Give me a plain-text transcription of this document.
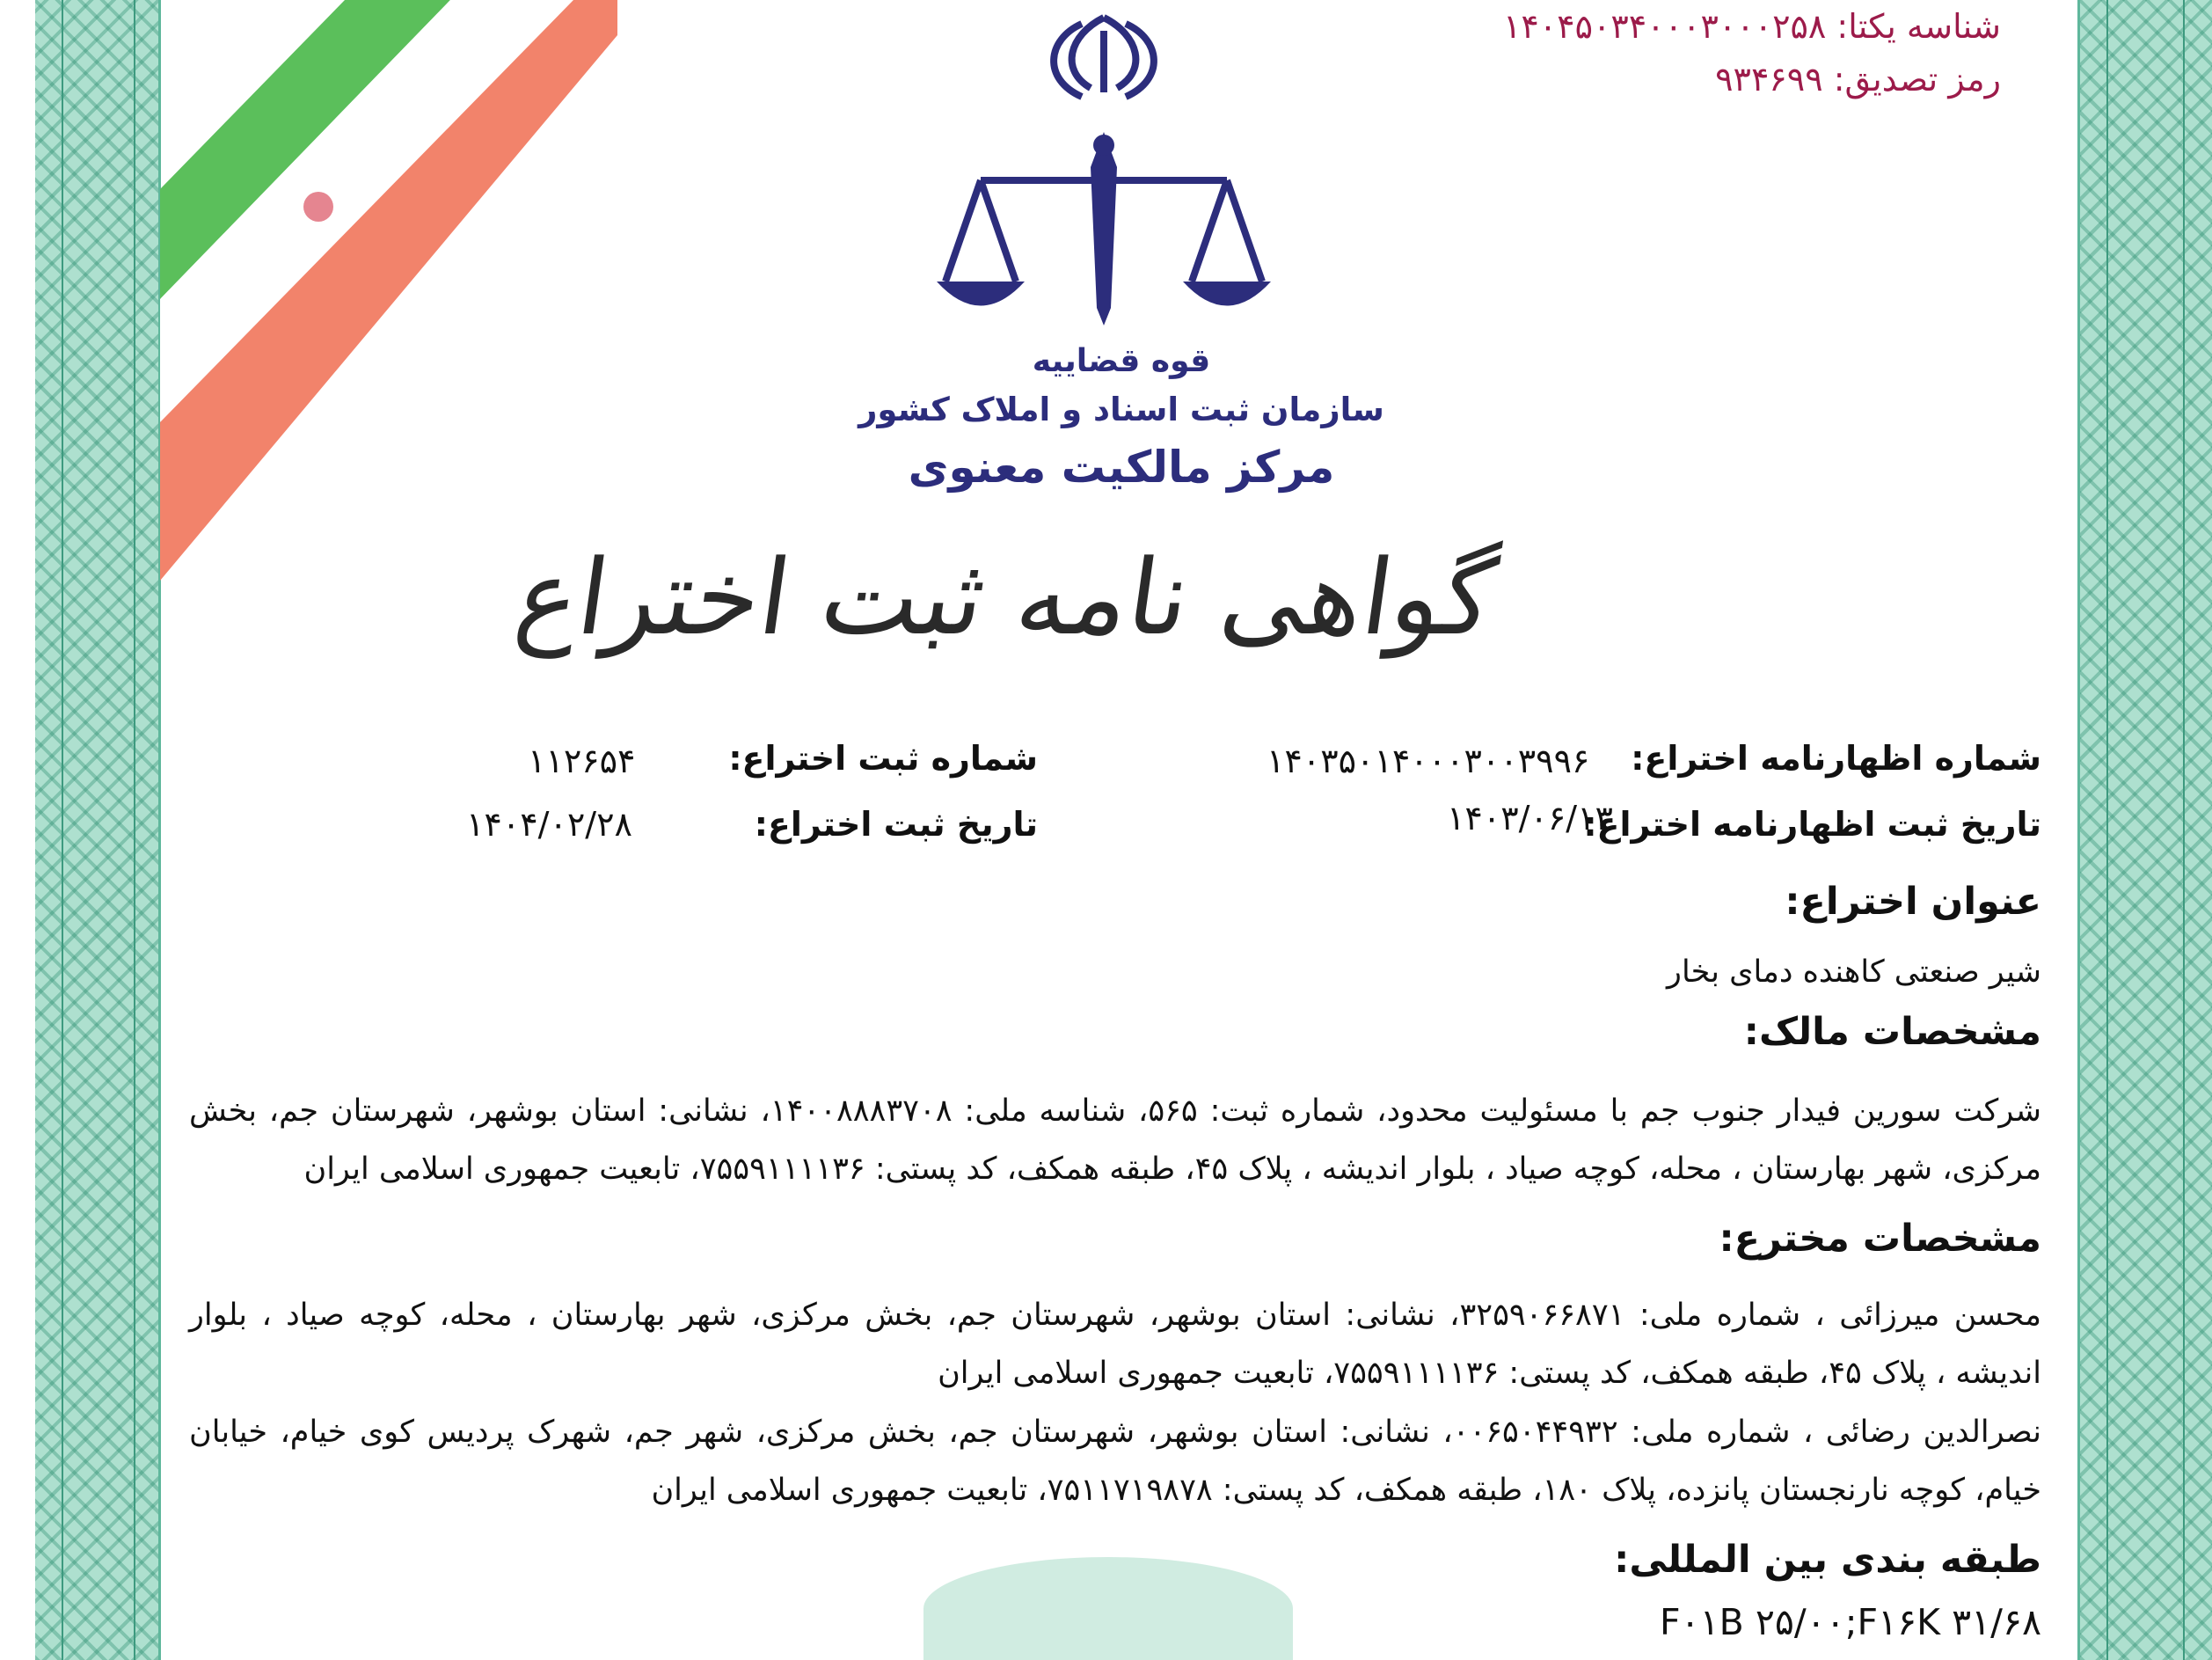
شناسه یکتا: ۱۴۰۴۵۰۳۴۰۰۰۳۰۰۰۲۵۸
رمز تصدیق: ۹۳۴۶۹۹
قوه قضاییه
سازمان ثبت اسناد و املاک کشور
مرکز مالکیت معنوی
گواهی نامه ثبت اختراع
شماره اظهارنامه اختراع:
۱۴۰۳۵۰۱۴۰۰۰۳۰۰۳۹۹۶
شماره ثبت اختراع:
۱۱۲۶۵۴
تاریخ ثبت اظهارنامه اختراع:
۱۴۰۳/۰۶/۱۳
تاریخ ثبت اختراع:
۱۴۰۴/۰۲/۲۸
عنوان اختراع:
شیر صنعتی کاهنده دمای بخار
مشخصات مالک:
شرکت سورین فیدار جنوب جم با مسئولیت محدود، شماره ثبت: ۵۶۵، شناسه ملی: ۱۴۰۰۸۸۸۳۷۰۸، نشانی: استان بوشهر، شهرستان جم، بخش مرکزی، شهر بهارستان ، محله، کوچه صیاد ، بلوار اندیشه ، پلاک ۴۵، طبقه همکف، کد پستی: ۷۵۵۹۱۱۱۱۳۶، تابعیت جمهوری اسلامی ایران
مشخصات مخترع:
محسن میرزائی ، شماره ملی: ۳۲۵۹۰۶۶۸۷۱، نشانی: استان بوشهر، شهرستان جم، بخش مرکزی، شهر بهارستان ، محله، کوچه صیاد ، بلوار اندیشه ، پلاک ۴۵، طبقه همکف، کد پستی: ۷۵۵۹۱۱۱۱۳۶، تابعیت جمهوری اسلامی ایران
نصرالدین رضائی ، شماره ملی: ۰۰۶۵۰۴۴۹۳۲، نشانی: استان بوشهر، شهرستان جم، بخش مرکزی، شهر جم، شهرک پردیس کوی خیام، خیابان خیام، کوچه نارنجستان پانزده، پلاک ۱۸۰، طبقه همکف، کد پستی: ۷۵۱۱۷۱۹۸۷۸، تابعیت جمهوری اسلامی ایران
طبقه بندی بین المللی:
F۰۱B ۲۵/۰۰;F۱۶K ۳۱/۶۸
